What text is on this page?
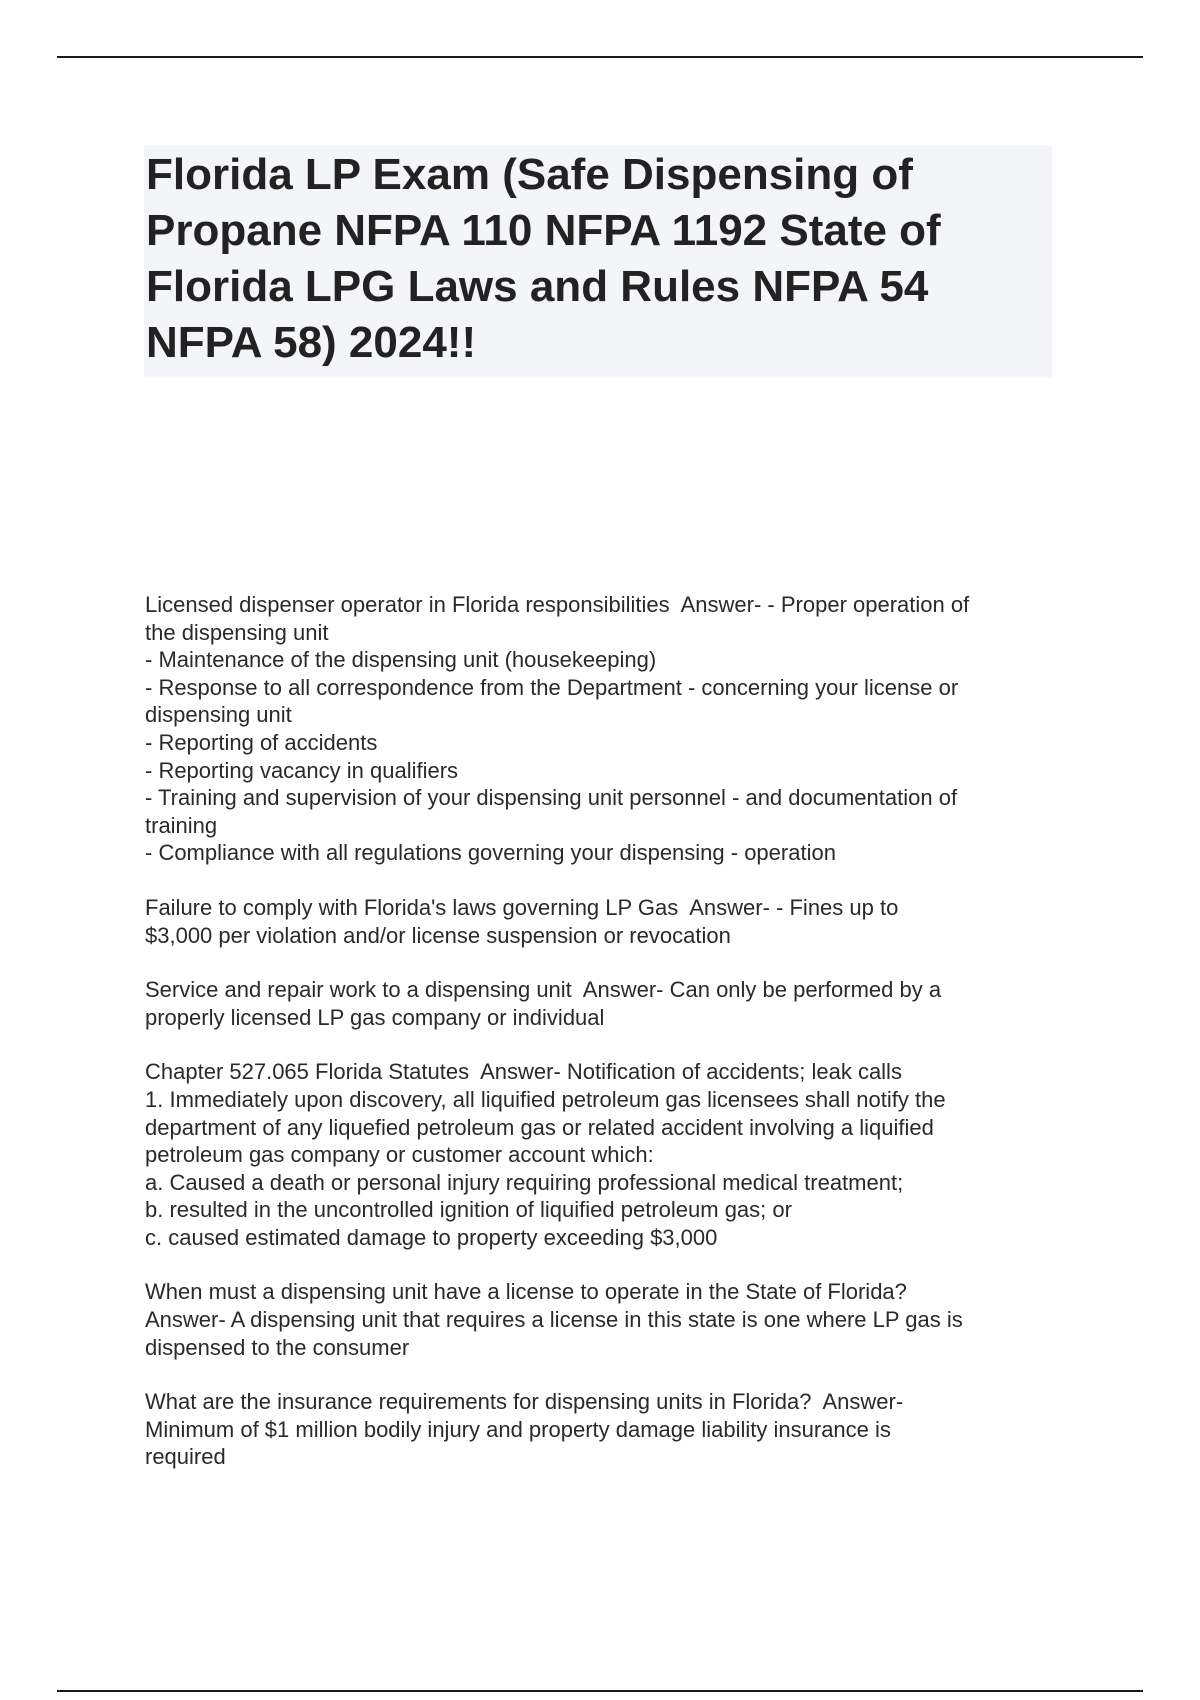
Florida LP Exam (Safe Dispensing of
Propane NFPA 110 NFPA 1192 State of
Florida LPG Laws and Rules NFPA 54
NFPA 58) 2024!!
Licensed dispenser operator in Florida responsibilities  Answer- - Proper operation of
the dispensing unit
- Maintenance of the dispensing unit (housekeeping)
- Response to all correspondence from the Department - concerning your license or
dispensing unit
- Reporting of accidents
- Reporting vacancy in qualifiers
- Training and supervision of your dispensing unit personnel - and documentation of
training
- Compliance with all regulations governing your dispensing - operation
Failure to comply with Florida's laws governing LP Gas  Answer- - Fines up to
$3,000 per violation and/or license suspension or revocation
Service and repair work to a dispensing unit  Answer- Can only be performed by a
properly licensed LP gas company or individual
Chapter 527.065 Florida Statutes  Answer- Notification of accidents; leak calls
1. Immediately upon discovery, all liquified petroleum gas licensees shall notify the
department of any liquefied petroleum gas or related accident involving a liquified
petroleum gas company or customer account which:
a. Caused a death or personal injury requiring professional medical treatment;
b. resulted in the uncontrolled ignition of liquified petroleum gas; or
c. caused estimated damage to property exceeding $3,000
When must a dispensing unit have a license to operate in the State of Florida?
Answer- A dispensing unit that requires a license in this state is one where LP gas is
dispensed to the consumer
What are the insurance requirements for dispensing units in Florida?  Answer-
Minimum of $1 million bodily injury and property damage liability insurance is
required
